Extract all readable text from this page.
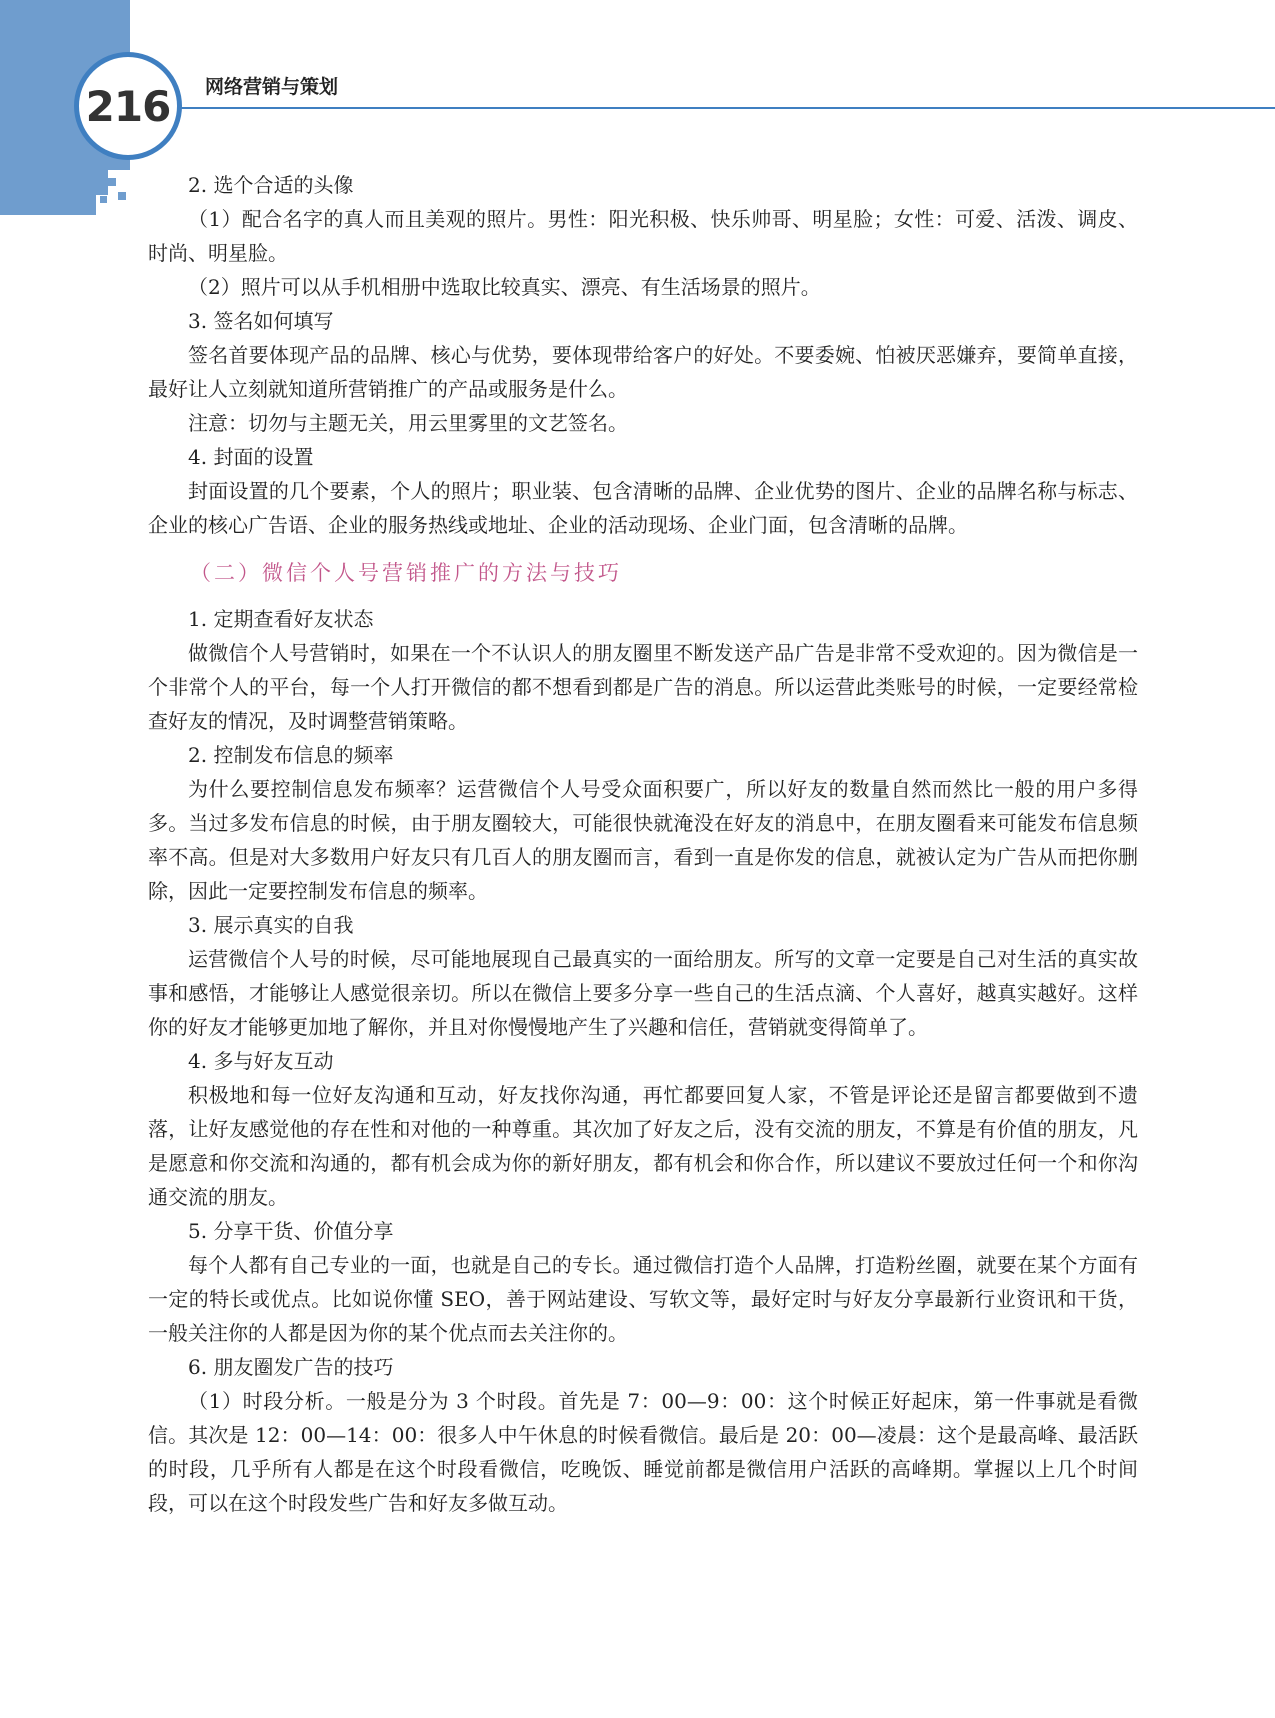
216 网络营销与策划

2. 选个合适的头像

（1）配合名字的真人而且美观的照片。男性：阳光积极、快乐帅哥、明星脸；女性：可爱、活泼、调皮、时尚、明星脸。

（2）照片可以从手机相册中选取比较真实、漂亮、有生活场景的照片。

3. 签名如何填写

签名首要体现产品的品牌、核心与优势，要体现带给客户的好处。不要委婉、怕被厌恶嫌弃，要简单直接，最好让人立刻就知道所营销推广的产品或服务是什么。

注意：切勿与主题无关，用云里雾里的文艺签名。

4. 封面的设置

封面设置的几个要素，个人的照片；职业装、包含清晰的品牌、企业优势的图片、企业的品牌名称与标志、企业的核心广告语、企业的服务热线或地址、企业的活动现场、企业门面，包含清晰的品牌。

（二）微信个人号营销推广的方法与技巧

1. 定期查看好友状态

做微信个人号营销时，如果在一个不认识人的朋友圈里不断发送产品广告是非常不受欢迎的。因为微信是一个非常个人的平台，每一个人打开微信的都不想看到都是广告的消息。所以运营此类账号的时候，一定要经常检查好友的情况，及时调整营销策略。

2. 控制发布信息的频率

为什么要控制信息发布频率？运营微信个人号受众面积要广，所以好友的数量自然而然比一般的用户多得多。当过多发布信息的时候，由于朋友圈较大，可能很快就淹没在好友的消息中，在朋友圈看来可能发布信息频率不高。但是对大多数用户好友只有几百人的朋友圈而言，看到一直是你发的信息，就被认定为广告从而把你删除，因此一定要控制发布信息的频率。

3. 展示真实的自我

运营微信个人号的时候，尽可能地展现自己最真实的一面给朋友。所写的文章一定要是自己对生活的真实故事和感悟，才能够让人感觉很亲切。所以在微信上要多分享一些自己的生活点滴、个人喜好，越真实越好。这样你的好友才能够更加地了解你，并且对你慢慢地产生了兴趣和信任，营销就变得简单了。

4. 多与好友互动

积极地和每一位好友沟通和互动，好友找你沟通，再忙都要回复人家，不管是评论还是留言都要做到不遗落，让好友感觉他的存在性和对他的一种尊重。其次加了好友之后，没有交流的朋友，不算是有价值的朋友，凡是愿意和你交流和沟通的，都有机会成为你的新好朋友，都有机会和你合作，所以建议不要放过任何一个和你沟通交流的朋友。

5. 分享干货、价值分享

每个人都有自己专业的一面，也就是自己的专长。通过微信打造个人品牌，打造粉丝圈，就要在某个方面有一定的特长或优点。比如说你懂 SEO，善于网站建设、写软文等，最好定时与好友分享最新行业资讯和干货，一般关注你的人都是因为你的某个优点而去关注你的。

6. 朋友圈发广告的技巧

（1）时段分析。一般是分为 3 个时段。首先是 7：00—9：00：这个时候正好起床，第一件事就是看微信。其次是 12：00—14：00：很多人中午休息的时候看微信。最后是 20：00—凌晨：这个是最高峰、最活跃的时段，几乎所有人都是在这个时段看微信，吃晚饭、睡觉前都是微信用户活跃的高峰期。掌握以上几个时间段，可以在这个时段发些广告和好友多做互动。
